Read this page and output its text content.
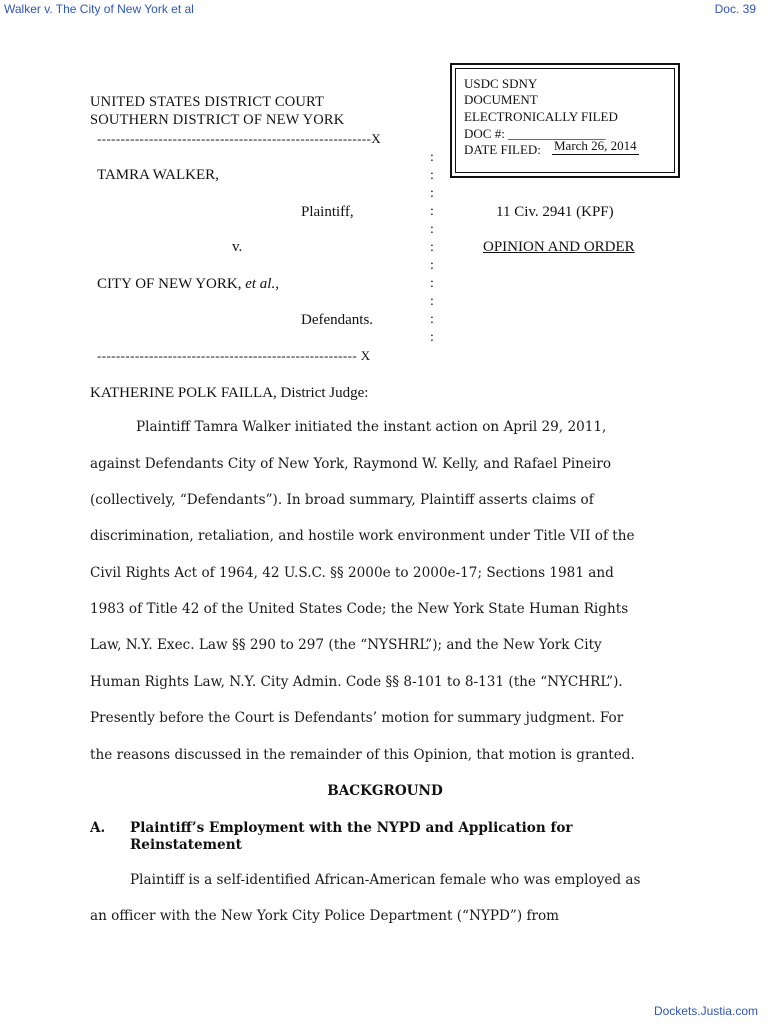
Walker v. The City of New York et al	Doc. 39
Dockets.Justia.com
UNITED STATES DISTRICT COURT
SOUTHERN DISTRICT OF NEW YORK
USDC SDNY
DOCUMENT
ELECTRONICALLY FILED
DOC #: _______________
DATE FILED: March 26, 2014
----------------------------------------------------------X
------------------------------------------------------- X
:
:
:
:
:
:
:
:
:
:
:
TAMRA WALKER,
Plaintiff,
v.
CITY OF NEW YORK, et al.,
Defendants.
11 Civ. 2941 (KPF)
OPINION AND ORDER
KATHERINE POLK FAILLA, District Judge:
Plaintiff Tamra Walker initiated the instant action on April 29, 2011,
against Defendants City of New York, Raymond W. Kelly, and Rafael Pineiro
(collectively, “Defendants”). In broad summary, Plaintiff asserts claims of
discrimination, retaliation, and hostile work environment under Title VII of the
Civil Rights Act of 1964, 42 U.S.C. §§ 2000e to 2000e-17; Sections 1981 and
1983 of Title 42 of the United States Code; the New York State Human Rights
Law, N.Y. Exec. Law §§ 290 to 297 (the “NYSHRL”); and the New York City
Human Rights Law, N.Y. City Admin. Code §§ 8-101 to 8-131 (the “NYCHRL”).
Presently before the Court is Defendants’ motion for summary judgment. For
the reasons discussed in the remainder of this Opinion, that motion is granted.
BACKGROUND
A. Plaintiff’s Employment with the NYPD and Application for
Reinstatement
Plaintiff is a self-identified African-American female who was employed as
an officer with the New York City Police Department (“NYPD”) from
